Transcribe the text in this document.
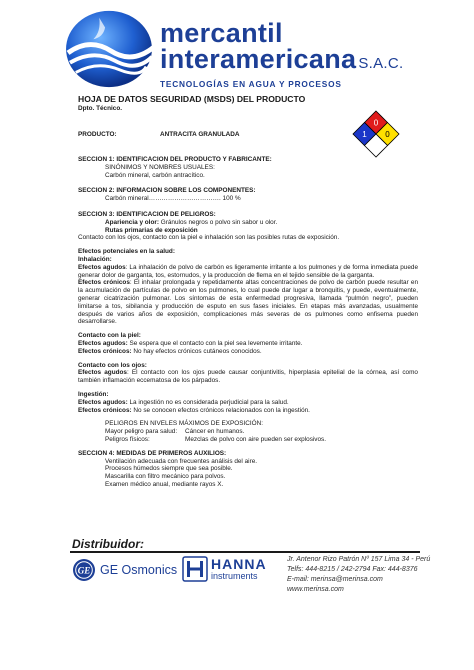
mercantil
interamericana S.A.C.
TECNOLOGÍAS EN AGUA Y PROCESOS
HOJA DE DATOS SEGURIDAD (MSDS) DEL PRODUCTO
Dpto. Técnico.
0
1 0
PRODUCTO:	ANTRACITA GRANULADA
SECCION 1: IDENTIFICACION DEL PRODUCTO Y FABRICANTE:

SINÓNIMOS Y NOMBRES USUALES:

Carbón mineral, carbón antracítico.

SECCION 2: INFORMACION SOBRE LOS COMPONENTES:

Carbón mineral……………………………. 100 %

SECCION 3: IDENTIFICACION DE PELIGROS:

Apariencia y olor: Gránulos negros o polvo sin sabor u olor.

Rutas primarias de exposición

Contacto con los ojos, contacto con la piel e inhalación son las posibles rutas de exposición.

Efectos potenciales en la salud:

Inhalación:

Efectos agudos: La inhalación de polvo de carbón es ligeramente irritante a los pulmones y de forma inmediata puede generar dolor de garganta, tos, estornudos, y la producción de flema en el tejido sensible de la garganta.

Efectos crónicos: El inhalar prolongada y repetidamente altas concentraciones de polvo de carbón puede resultar en la acumulación de partículas de polvo en los pulmones, lo cual puede dar lugar a bronquitis, y puede, eventualmente, generar cicatrización pulmonar. Los síntomas de esta enfermedad progresiva, llamada “pulmón negro”, pueden limitarse a tos, sibilancia y producción de esputo en sus fases iniciales. En etapas más avanzadas, usualmente después de varios años de exposición, complicaciones más severas de os pulmones como enfisema pueden desarrollarse.

Contacto con la piel:

Efectos agudos: Se espera que el contacto con la piel sea levemente irritante.

Efectos crónicos: No hay efectos crónicos cutáneos conocidos.

Contacto con los ojos:

Efectos agudos: El contacto con los ojos puede causar conjuntivitis, hiperplasia epitelial de la córnea, así como también inflamación eccematosa de los párpados.

Ingestión:

Efectos agudos: La ingestión no es considerada perjudicial para la salud.

Efectos crónicos: No se conocen efectos crónicos relacionados con la ingestión.

PELIGROS EN NIVELES MÁXIMOS DE EXPOSICIÓN:

Mayor peligro para salud:	Cáncer en humanos.
Peligros físicos:	Mezclas de polvo con aire pueden ser explosivos.
SECCION 4: MEDIDAS DE PRIMEROS AUXILIOS:

Ventilación adecuada con frecuentes análisis del aire.

Procesos húmedos siempre que sea posible.

Mascarilla con filtro mecánico para polvos.

Examen médico anual, mediante rayos X.

Distribuidor:
GE GE Osmonics HANNA
instruments
Jr. Antenor Rizo Patrón Nº 157 Lima 34 - Perú
Telfs: 444-8215 / 242-2794 Fax: 444-8376
E-mail: merinsa@merinsa.com
www.merinsa.com
